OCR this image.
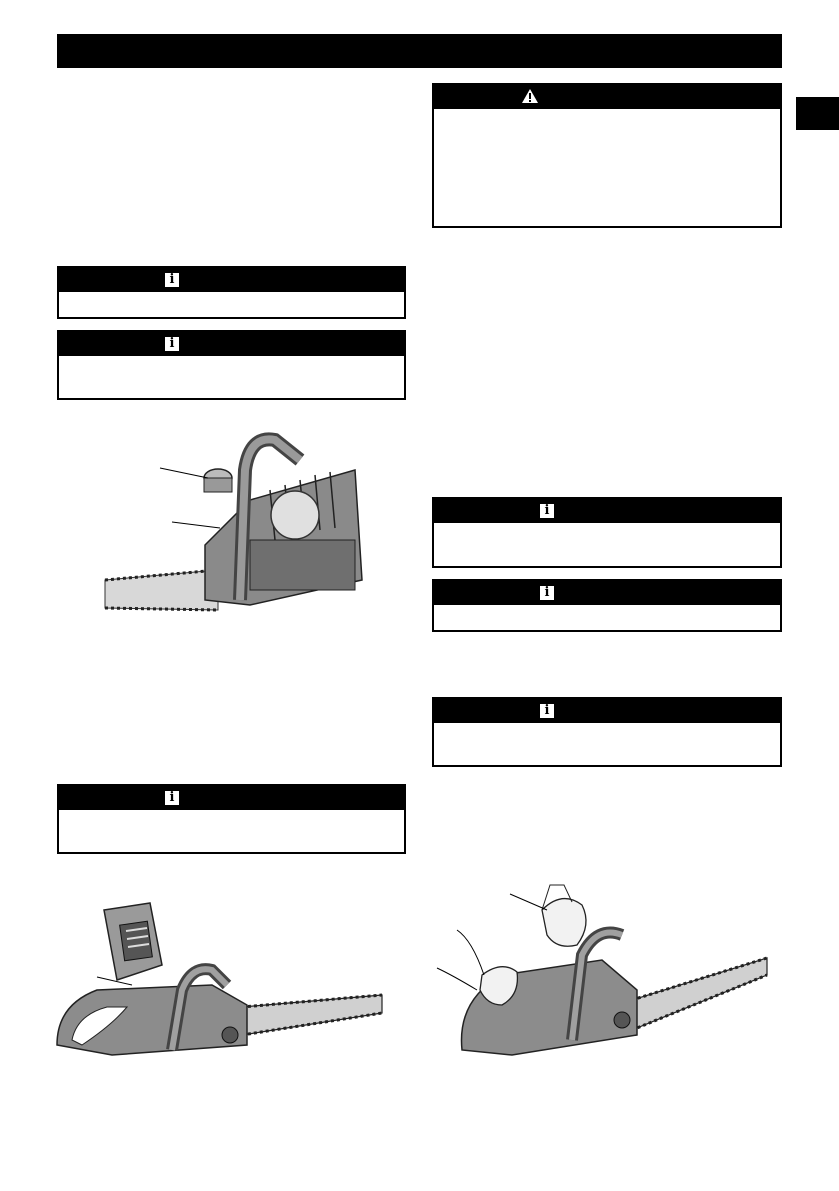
i
i
i
i
i
i
